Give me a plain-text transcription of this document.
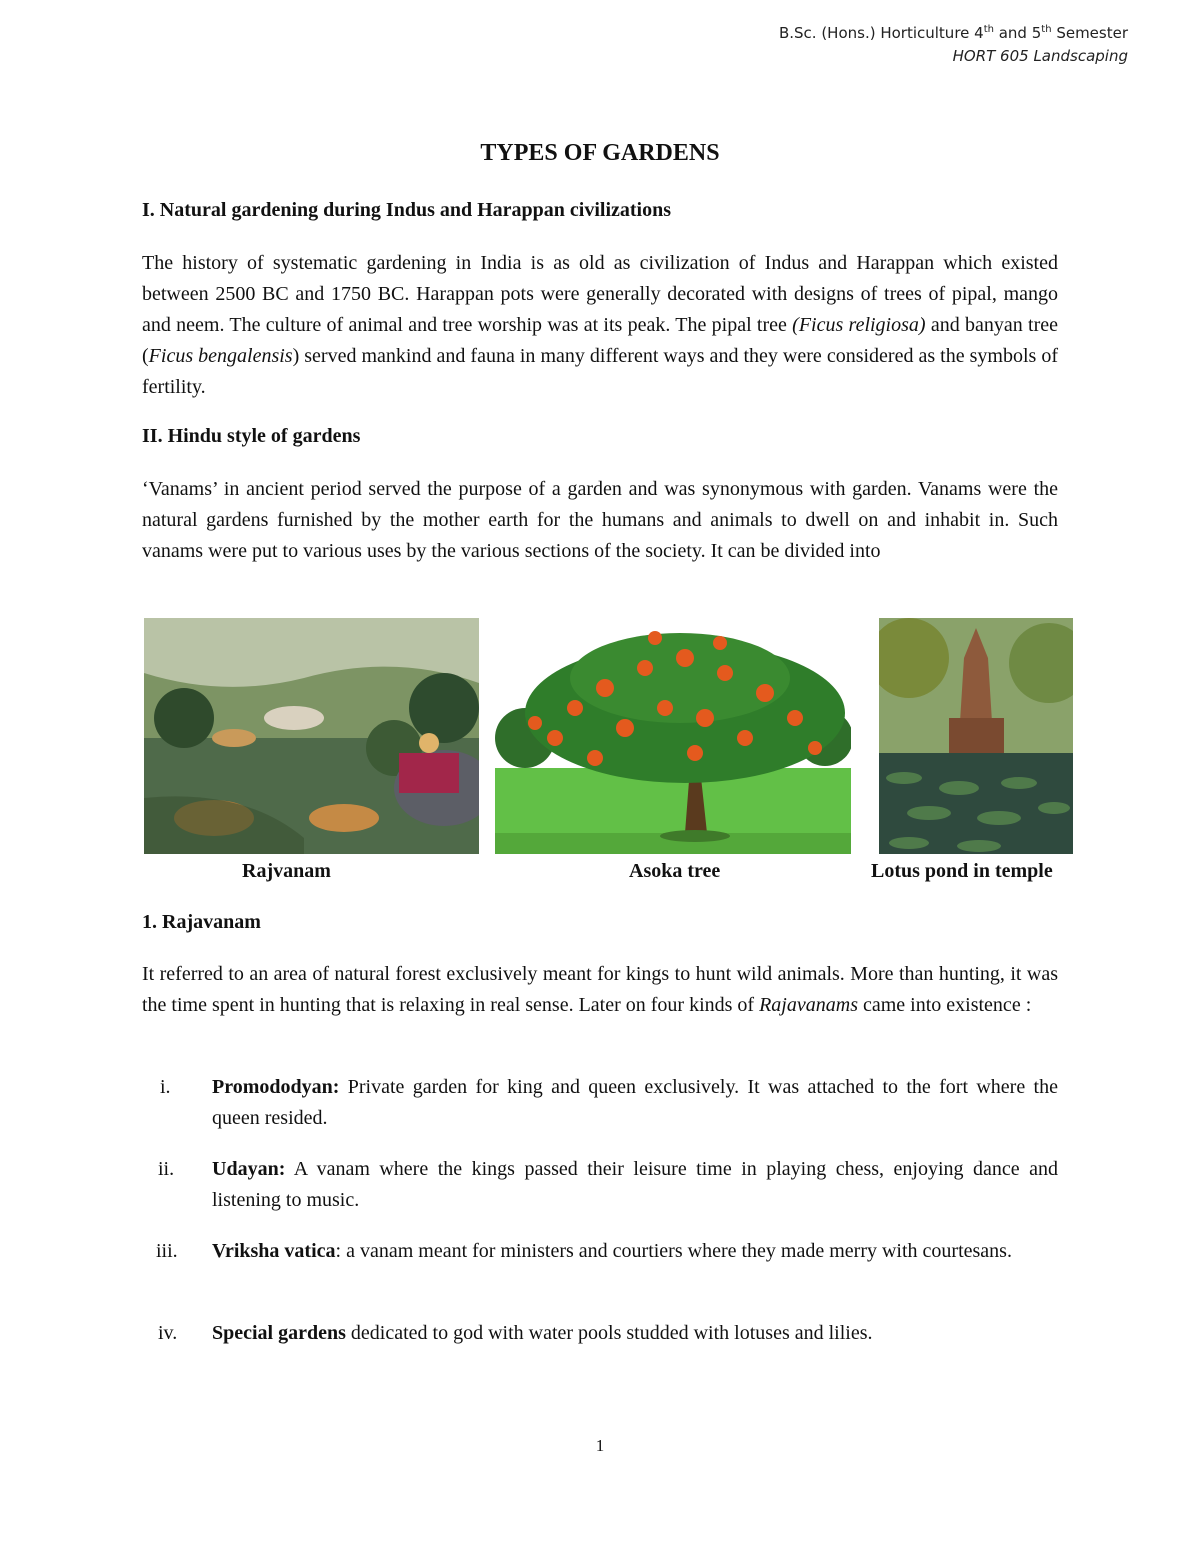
B.Sc. (Hons.) Horticulture 4th and 5th Semester
HORT 605 Landscaping
TYPES OF GARDENS
I. Natural gardening during Indus and Harappan civilizations

The history of systematic gardening in India is as old as civilization of Indus and Harappan which existed between 2500 BC and 1750 BC. Harappan pots were generally decorated with designs of trees of pipal, mango and neem. The culture of animal and tree worship was at its peak. The pipal tree (Ficus religiosa) and banyan tree (Ficus bengalensis) served mankind and fauna in many different ways and they were considered as the symbols of fertility.

II. Hindu style of gardens

‘Vanams’ in ancient period served the purpose of a garden and was synonymous with garden. Vanams were the natural gardens furnished by the mother earth for the humans and animals to dwell on and inhabit in. Such vanams were put to various uses by the various sections of the society. It can be divided into

Rajvanam	Asoka tree	Lotus pond in temple
1. Rajavanam

It referred to an area of natural forest exclusively meant for kings to hunt wild animals. More than hunting, it was the time spent in hunting that is relaxing in real sense. Later on four kinds of Rajavanams came into existence :

i.	Promododyan: Private garden for king and queen exclusively. It was attached to the fort where the queen resided.
ii.	Udayan: A vanam where the kings passed their leisure time in playing chess, enjoying dance and listening to music.
iii.	Vriksha vatica: a vanam meant for ministers and courtiers where they made merry with courtesans.
iv.	Special gardens dedicated to god with water pools studded with lotuses and lilies.
1
